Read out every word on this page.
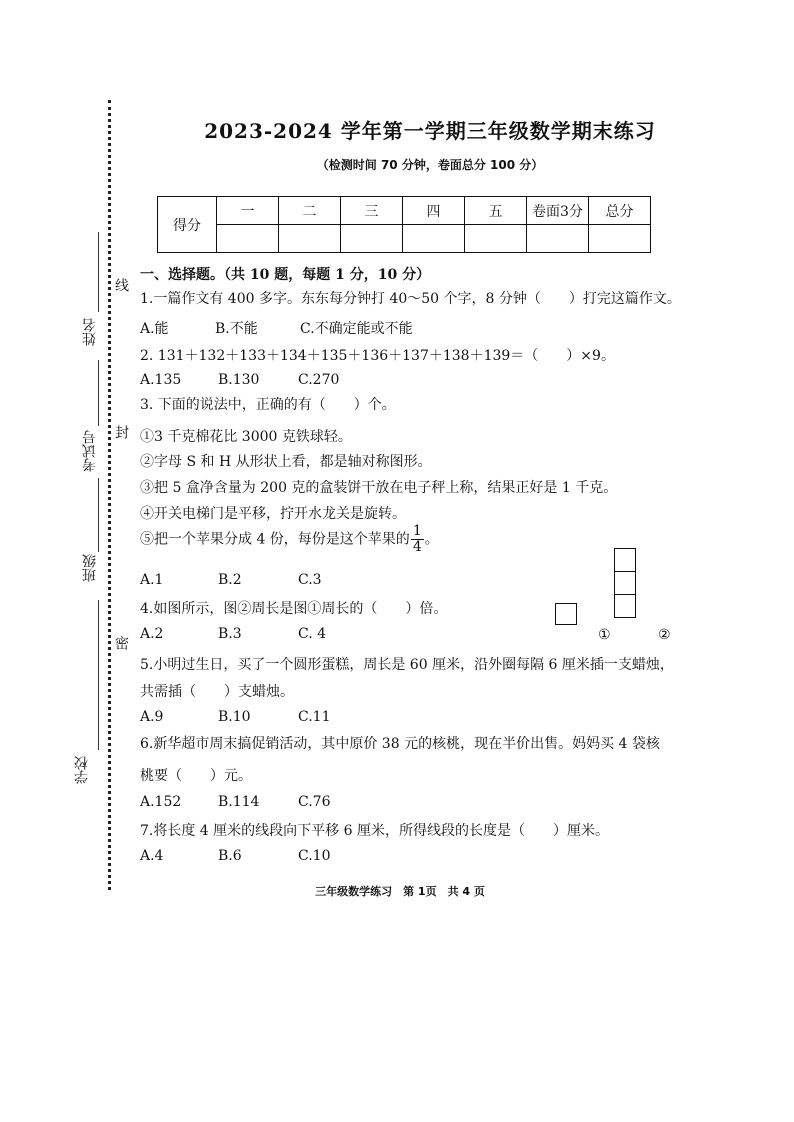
线
封
密
姓名
考试号
班级
学校
2023-2024 学年第一学期三年级数学期末练习
（检测时间 70 分钟，卷面总分 100 分）
得分	一	二	三	四	五	卷面3分	总分

一、选择题。（共 10 题，每题 1 分，10 分）
1.一篇作文有 400 多字。东东每分钟打 40～50 个字，8 分钟（　　）打完这篇作文。
A.能	B.不能	C.不确定能或不能
2. 131＋132＋133＋134＋135＋136＋137＋138＋139＝（　　）×9。
A.135	B.130	C.270
3. 下面的说法中，正确的有（　　）个。
①3 千克棉花比 3000 克铁球轻。
②字母 S 和 H 从形状上看，都是轴对称图形。
③把 5 盒净含量为 200 克的盒装饼干放在电子秤上称，结果正好是 1 千克。
④开关电梯门是平移，拧开水龙关是旋转。
⑤把一个苹果分成 4 份，每份是这个苹果的 $\frac{1}{4}$ 。
A.1	B.2	C.3
4.如图所示，图②周长是图①周长的（　　）倍。
A.2	B.3	C. 4	①	②
5.小明过生日，买了一个圆形蛋糕，周长是 60 厘米，沿外圈每隔 6 厘米插一支蜡烛，
共需插（　　）支蜡烛。
A.9	B.10	C.11
6.新华超市周末搞促销活动，其中原价 38 元的核桃，现在半价出售。妈妈买 4 袋核
桃要（　　）元。
A.152	B.114	C.76
7.将长度 4 厘米的线段向下平移 6 厘米，所得线段的长度是（　　）厘米。
A.4	B.6	C.10
三年级数学练习　第 1页　共 4 页
